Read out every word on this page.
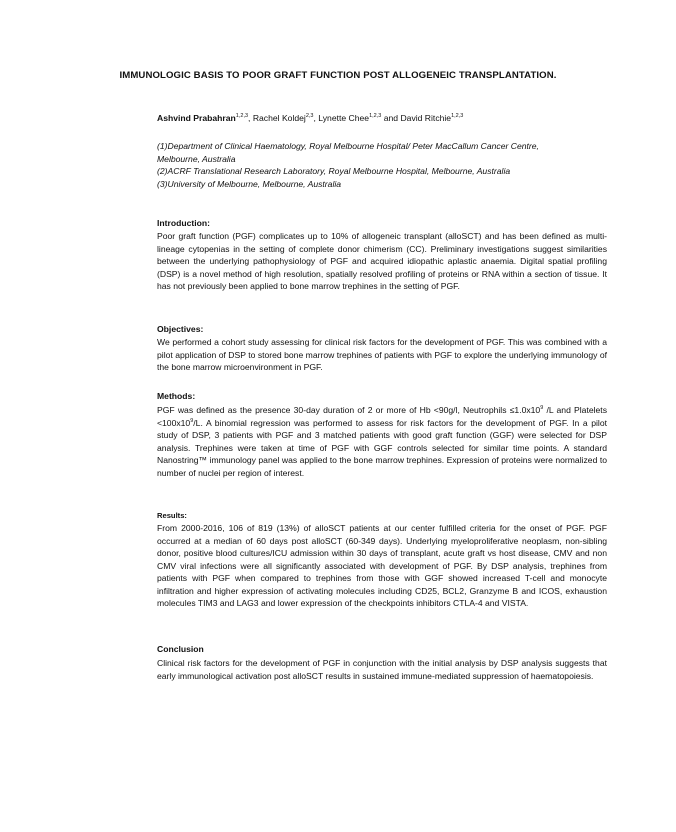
IMMUNOLOGIC BASIS TO POOR GRAFT FUNCTION POST ALLOGENEIC TRANSPLANTATION.
Ashvind Prabahran$^{1,2,3}$, Rachel Koldej$^{2,3}$, Lynette Chee$^{1,2,3}$ and David Ritchie$^{1,2,3}$
(1)Department of Clinical Haematology, Royal Melbourne Hospital/ Peter MacCallum Cancer Centre,
Melbourne, Australia
(2)ACRF Translational Research Laboratory, Royal Melbourne Hospital, Melbourne, Australia
(3)University of Melbourne, Melbourne, Australia
Introduction:
Poor graft function (PGF) complicates up to 10% of allogeneic transplant (alloSCT) and has been defined as multi-lineage cytopenias in the setting of complete donor chimerism (CC). Preliminary investigations suggest similarities between the underlying pathophysiology of PGF and acquired idiopathic aplastic anaemia. Digital spatial profiling (DSP) is a novel method of high resolution, spatially resolved profiling of proteins or RNA within a section of tissue. It has not previously been applied to bone marrow trephines in the setting of PGF.
Objectives:
We performed a cohort study assessing for clinical risk factors for the development of PGF. This was combined with a pilot application of DSP to stored bone marrow trephines of patients with PGF to explore the underlying immunology of the bone marrow microenvironment in PGF.
Methods:
PGF was defined as the presence 30-day duration of 2 or more of Hb <90g/l, Neutrophils $\le 1.0x10^9$ /L and Platelets $<100x10^9/L$. A binomial regression was performed to assess for risk factors for the development of PGF. In a pilot study of DSP, 3 patients with PGF and 3 matched patients with good graft function (GGF) were selected for DSP analysis. Trephines were taken at time of PGF with GGF controls selected for similar time points. A standard Nanostring™ immunology panel was applied to the bone marrow trephines. Expression of proteins were normalized to number of nuclei per region of interest.
Results:
From 2000-2016, 106 of 819 (13%) of alloSCT patients at our center fulfilled criteria for the onset of PGF. PGF occurred at a median of 60 days post alloSCT (60-349 days). Underlying myeloproliferative neoplasm, non-sibling donor, positive blood cultures/ICU admission within 30 days of transplant, acute graft vs host disease, CMV and non CMV viral infections were all significantly associated with development of PGF. By DSP analysis, trephines from patients with PGF when compared to trephines from those with GGF showed increased T-cell and monocyte infiltration and higher expression of activating molecules including CD25, BCL2, Granzyme B and ICOS, exhaustion molecules TIM3 and LAG3 and lower expression of the checkpoints inhibitors CTLA-4 and VISTA.
Conclusion
Clinical risk factors for the development of PGF in conjunction with the initial analysis by DSP analysis suggests that early immunological activation post alloSCT results in sustained immune-mediated suppression of haematopoiesis.
